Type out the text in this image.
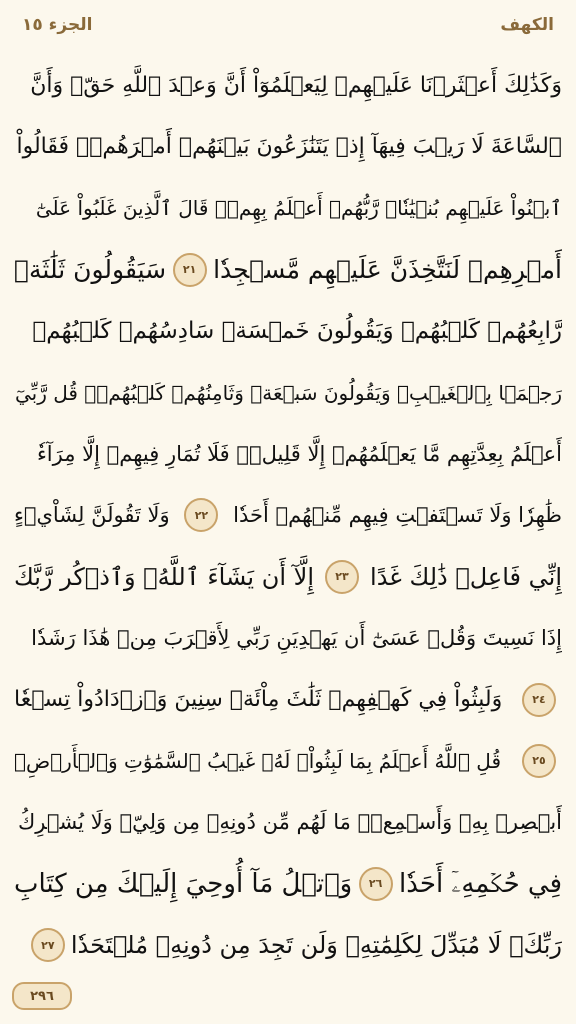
الجزء ١٥	الكهف
وَكَذَٰلِكَ أَعۡثَرۡنَا عَلَيۡهِمۡ لِيَعۡلَمُوٓاْ أَنَّ وَعۡدَ ٱللَّهِ حَقّٞ وَأَنَّ
ٱلسَّاعَةَ لَا رَيۡبَ فِيهَآ إِذۡ يَتَنَٰزَعُونَ بَيۡنَهُمۡ أَمۡرَهُمۡۖ فَقَالُواْ
ٱبۡنُواْ عَلَيۡهِم بُنۡيَٰنٗاۖ رَّبُّهُمۡ أَعۡلَمُ بِهِمۡۚ قَالَ ٱلَّذِينَ غَلَبُواْ عَلَىٰٓ
أَمۡرِهِمۡ لَنَتَّخِذَنَّ عَلَيۡهِم مَّسۡجِدٗا
٢١
سَيَقُولُونَ ثَلَٰثَةٞ
رَّابِعُهُمۡ كَلۡبُهُمۡ وَيَقُولُونَ خَمۡسَةٞ سَادِسُهُمۡ كَلۡبُهُمۡ
رَجۡمَۢا بِٱلۡغَيۡبِۖ وَيَقُولُونَ سَبۡعَةٞ وَثَامِنُهُمۡ كَلۡبُهُمۡۚ قُل رَّبِّيٓ
أَعۡلَمُ بِعِدَّتِهِم مَّا يَعۡلَمُهُمۡ إِلَّا قَلِيلٞۗ فَلَا تُمَارِ فِيهِمۡ إِلَّا مِرَآءٗ
ظَٰهِرٗا وَلَا تَسۡتَفۡتِ فِيهِم مِّنۡهُمۡ أَحَدٗا
٢٢
وَلَا تَقُولَنَّ لِشَاْيۡءٍ
إِنِّي فَاعِلٞ ذَٰلِكَ غَدًا
٢٣
إِلَّآ أَن يَشَآءَ ٱللَّهُۚ وَٱذۡكُر رَّبَّكَ
إِذَا نَسِيتَ وَقُلۡ عَسَىٰٓ أَن يَهۡدِيَنِ رَبِّي لِأَقۡرَبَ مِنۡ هَٰذَا رَشَدٗا
٢٤
وَلَبِثُواْ فِي كَهۡفِهِمۡ ثَلَٰثَ مِاْئَةٖ سِنِينَ وَٱزۡدَادُواْ تِسۡعٗا
٢٥
قُلِ ٱللَّهُ أَعۡلَمُ بِمَا لَبِثُواْۖ لَهُۥ غَيۡبُ ٱلسَّمَٰوَٰتِ وَٱلۡأَرۡضِۖ
أَبۡصِرۡ بِهِۦ وَأَسۡمِعۡۚ مَا لَهُم مِّن دُونِهِۦ مِن وَلِيّٖ وَلَا يُشۡرِكُ
فِي حُكۡمِهِۦٓ أَحَدٗا
٢٦
وَٱتۡلُ مَآ أُوحِيَ إِلَيۡكَ مِن كِتَابِ
رَبِّكَۖ لَا مُبَدِّلَ لِكَلِمَٰتِهِۦ وَلَن تَجِدَ مِن دُونِهِۦ مُلۡتَحَدٗا
٢٧
٢٩٦
